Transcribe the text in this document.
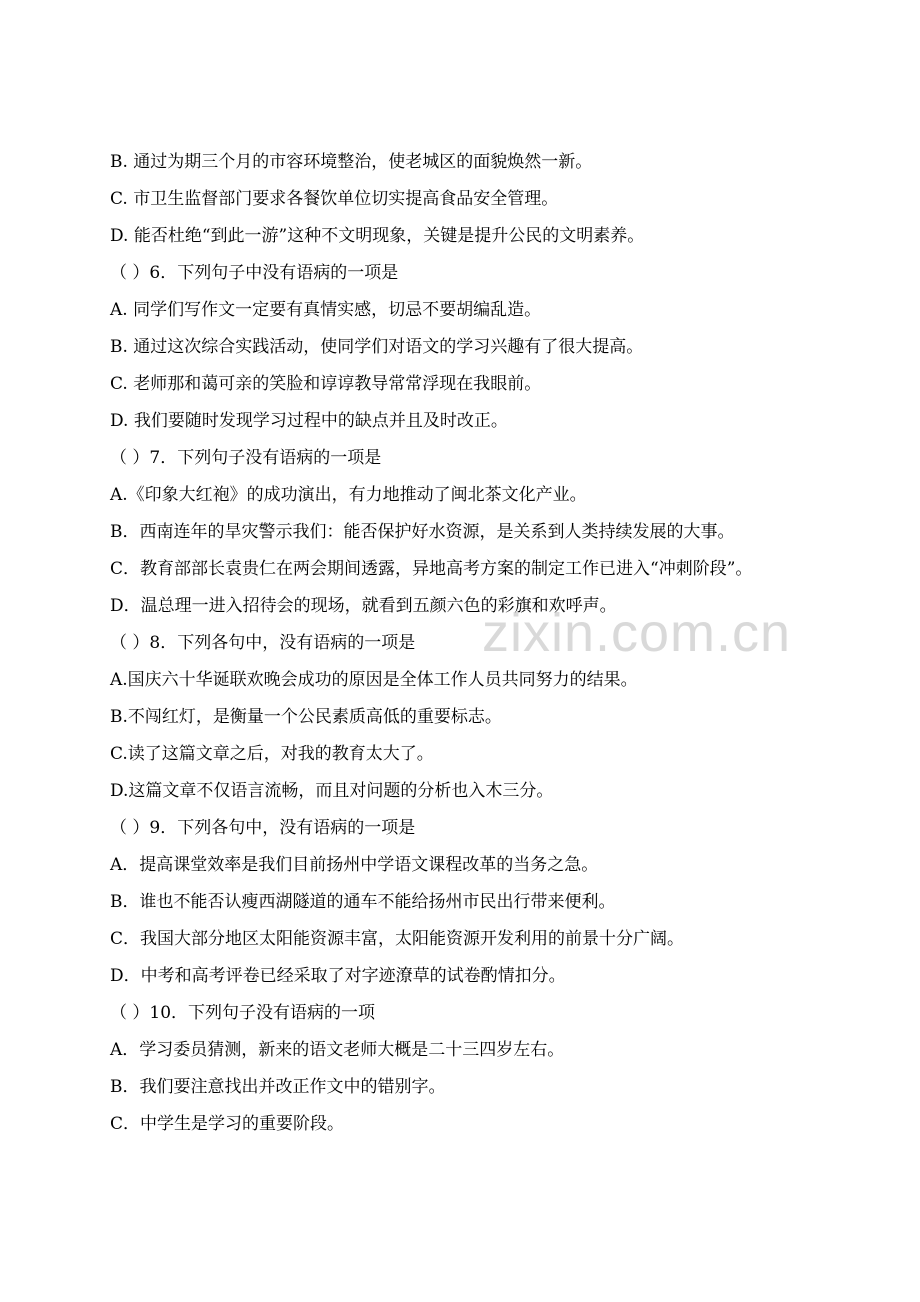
zixin.com.cn
B. 通过为期三个月的市容环境整治，使老城区的面貌焕然一新。
C. 市卫生监督部门要求各餐饮单位切实提高食品安全管理。
D. 能否杜绝“到此一游”这种不文明现象，关键是提升公民的文明素养。
（ ）6．下列句子中没有语病的一项是
A. 同学们写作文一定要有真情实感，切忌不要胡编乱造。
B. 通过这次综合实践活动，使同学们对语文的学习兴趣有了很大提高。
C. 老师那和蔼可亲的笑脸和谆谆教导常常浮现在我眼前。
D. 我们要随时发现学习过程中的缺点并且及时改正。
（ ）7．下列句子没有语病的一项是
A.《印象大红袍》的成功演出，有力地推动了闽北茶文化产业。
B．西南连年的旱灾警示我们：能否保护好水资源，是关系到人类持续发展的大事。
C．教育部部长袁贵仁在两会期间透露，异地高考方案的制定工作已进入“冲刺阶段”。
D．温总理一进入招待会的现场，就看到五颜六色的彩旗和欢呼声。
（ ）8．下列各句中，没有语病的一项是
A.国庆六十华诞联欢晚会成功的原因是全体工作人员共同努力的结果。
B.不闯红灯，是衡量一个公民素质高低的重要标志。
C.读了这篇文章之后，对我的教育太大了。
D.这篇文章不仅语言流畅，而且对问题的分析也入木三分。
（ ）9．下列各句中，没有语病的一项是
A．提高课堂效率是我们目前扬州中学语文课程改革的当务之急。
B．谁也不能否认瘦西湖隧道的通车不能给扬州市民出行带来便利。
C．我国大部分地区太阳能资源丰富，太阳能资源开发利用的前景十分广阔。
D．中考和高考评卷已经采取了对字迹潦草的试卷酌情扣分。
（ ）10．下列句子没有语病的一项
A．学习委员猜测，新来的语文老师大概是二十三四岁左右。
B．我们要注意找出并改正作文中的错别字。
C．中学生是学习的重要阶段。
